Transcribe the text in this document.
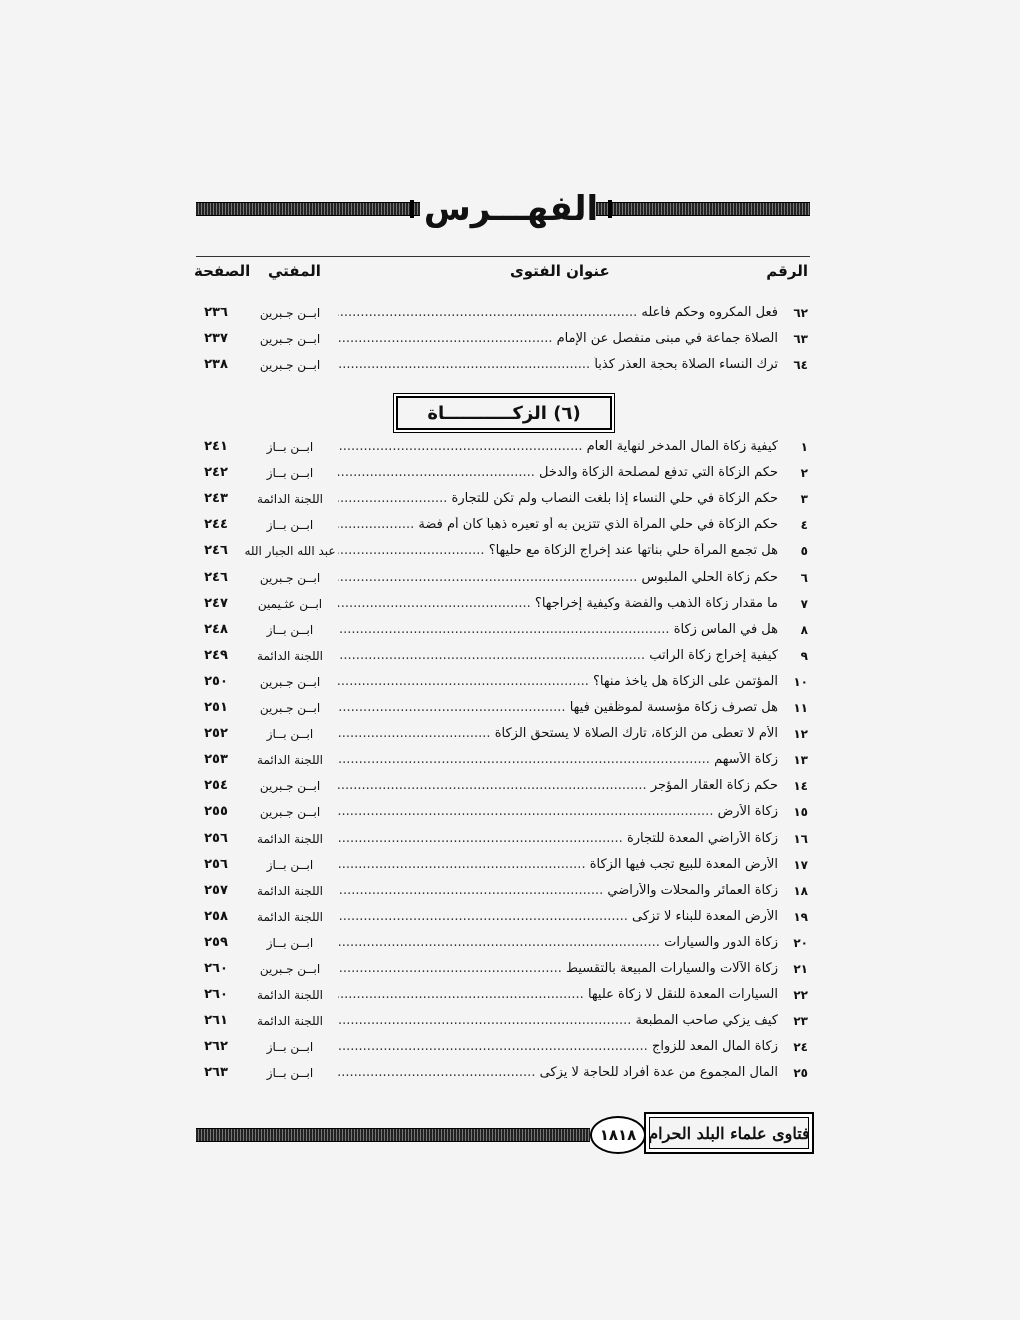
الفهـــرس
الرقم
عنوان الفتوى
المفتي
الصفحة
٦٢
فعل المكروه وحكم فاعله .....
ابــن جـبرين
٢٣٦
٦٣
الصلاة جماعة في مبنى منفصل عن الإمام .....
ابــن جـبرين
٢٣٧
٦٤
ترك النساء الصلاة بحجة العذر كذباً .....
ابــن جـبرين
٢٣٨
(٦) الزكـــــــــــاة
١
كيفية زكاة المال المدخر لنهاية العام .....
ابــن بــاز
٢٤١
٢
حكم الزكاة التي تدفع لمصلحة الزكاة والدخل .....
ابــن بــاز
٢٤٢
٣
حكم الزكاة في حلي النساء إذا بلغت النصاب ولم تكن للتجارة .....
اللجنة الدائمة
٢٤٣
٤
حكم الزكاة في حلي المرأة الذي تتزين به أو تعيره ذهباً كان أم فضة .....
ابــن بــاز
٢٤٤
٥
هل تجمع المرأة حلي بناتها عند إخراج الزكاة مع حليها؟ .....
عبد الله الجبار الله
٢٤٦
٦
حكم زكاة الحلي الملبوس .....
ابــن جـبرين
٢٤٦
٧
ما مقدار زكاة الذهب والفضة وكيفية إخراجها؟ .....
ابــن عثـيمين
٢٤٧
٨
هل في الماس زكاة .....
ابــن بــاز
٢٤٨
٩
كيفية إخراج زكاة الراتب .....
اللجنة الدائمة
٢٤٩
١٠
المؤتمن على الزكاة هل يأخذ منها؟ .....
ابــن جـبرين
٢٥٠
١١
هل تصرف زكاة مؤسسة لموظفين فيها .....
ابــن جـبرين
٢٥١
١٢
الأم لا تعطى من الزكاة، تارك الصلاة لا يستحق الزكاة .....
ابــن بــاز
٢٥٢
١٣
زكاة الأسهم .....
اللجنة الدائمة
٢٥٣
١٤
حكم زكاة العقار المؤجر .....
ابــن جـبرين
٢٥٤
١٥
زكاة الأرض .....
ابــن جـبرين
٢٥٥
١٦
زكاة الأراضي المعدة للتجارة .....
اللجنة الدائمة
٢٥٦
١٧
الأرض المعدة للبيع تجب فيها الزكاة .....
ابــن بــاز
٢٥٦
١٨
زكاة العمائر والمحلات والأراضي .....
اللجنة الدائمة
٢٥٧
١٩
الأرض المعدة للبناء لا تزكى .....
اللجنة الدائمة
٢٥٨
٢٠
زكاة الدور والسيارات .....
ابــن بــاز
٢٥٩
٢١
زكاة الآلات والسيارات المبيعة بالتقسيط .....
ابــن جـبرين
٢٦٠
٢٢
السيارات المعدة للنقل لا زكاة عليها .....
اللجنة الدائمة
٢٦٠
٢٣
كيف يزكي صاحب المطبعة .....
اللجنة الدائمة
٢٦١
٢٤
زكاة المال المعد للزواج .....
ابــن بــاز
٢٦٢
٢٥
المال المجموع من عدة أفراد للحاجة لا يزكى .....
ابــن بــاز
٢٦٣
١٨١٨ فتاوى علماء البلد الحرام
